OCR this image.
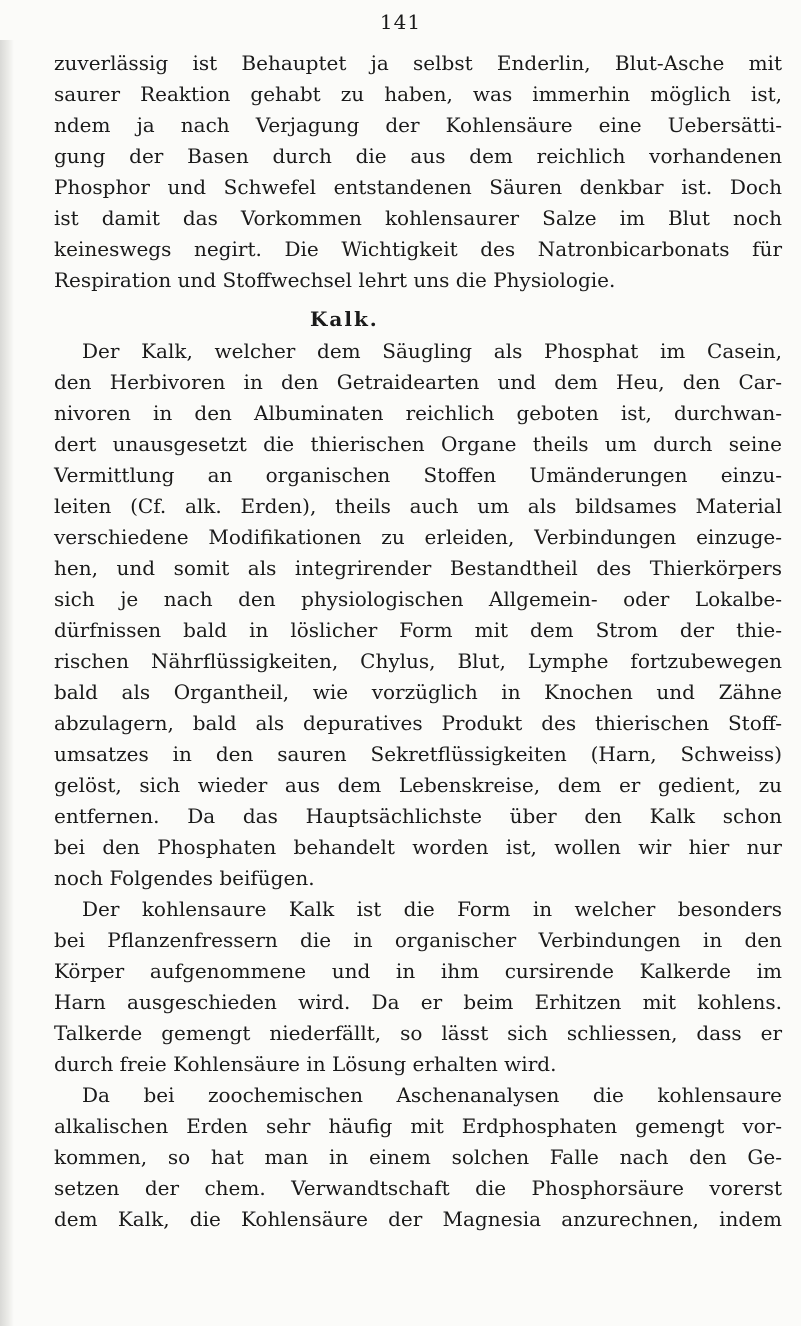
141
zuverlässig ist Behauptet ja selbst Enderlin, Blut-Asche mit
saurer Reaktion gehabt zu haben, was immerhin möglich ist,
ndem ja nach Verjagung der Kohlensäure eine Uebersätti-
gung der Basen durch die aus dem reichlich vorhandenen
Phosphor und Schwefel entstandenen Säuren denkbar ist. Doch
ist damit das Vorkommen kohlensaurer Salze im Blut noch
keineswegs negirt. Die Wichtigkeit des Natronbicarbonats für
Respiration und Stoffwechsel lehrt uns die Physiologie.
Kalk.
Der Kalk, welcher dem Säugling als Phosphat im Casein,
den Herbivoren in den Getraidearten und dem Heu, den Car-
nivoren in den Albuminaten reichlich geboten ist, durchwan-
dert unausgesetzt die thierischen Organe theils um durch seine
Vermittlung an organischen Stoffen Umänderungen einzu-
leiten (Cf. alk. Erden), theils auch um als bildsames Material
verschiedene Modifikationen zu erleiden, Verbindungen einzuge-
hen, und somit als integrirender Bestandtheil des Thierkörpers
sich je nach den physiologischen Allgemein- oder Lokalbe-
dürfnissen bald in löslicher Form mit dem Strom der thie-
rischen Nährflüssigkeiten, Chylus, Blut, Lymphe fortzubewegen
bald als Organtheil, wie vorzüglich in Knochen und Zähne
abzulagern, bald als depuratives Produkt des thierischen Stoff-
umsatzes in den sauren Sekretflüssigkeiten (Harn, Schweiss)
gelöst, sich wieder aus dem Lebenskreise, dem er gedient, zu
entfernen. Da das Hauptsächlichste über den Kalk schon
bei den Phosphaten behandelt worden ist, wollen wir hier nur
noch Folgendes beifügen.
Der kohlensaure Kalk ist die Form in welcher besonders
bei Pflanzenfressern die in organischer Verbindungen in den
Körper aufgenommene und in ihm cursirende Kalkerde im
Harn ausgeschieden wird. Da er beim Erhitzen mit kohlens.
Talkerde gemengt niederfällt, so lässt sich schliessen, dass er
durch freie Kohlensäure in Lösung erhalten wird.
Da bei zoochemischen Aschenanalysen die kohlensaure
alkalischen Erden sehr häufig mit Erdphosphaten gemengt vor-
kommen, so hat man in einem solchen Falle nach den Ge-
setzen der chem. Verwandtschaft die Phosphorsäure vorerst
dem Kalk, die Kohlensäure der Magnesia anzurechnen, indem
